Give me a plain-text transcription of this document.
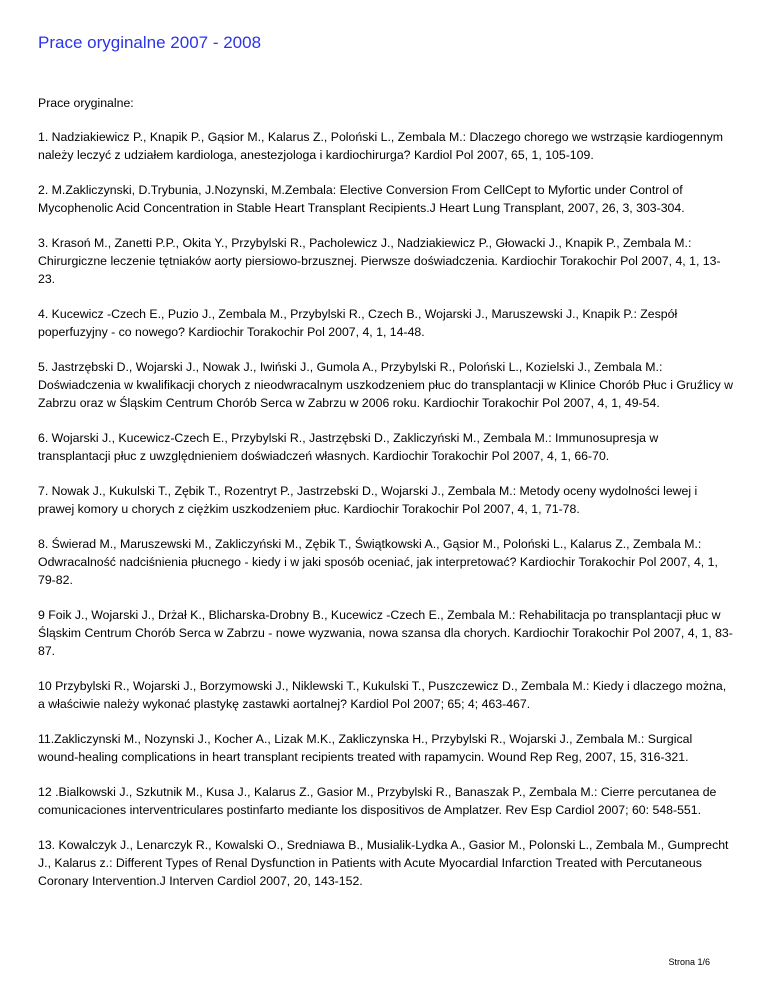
Prace oryginalne 2007 - 2008

Prace oryginalne:

1. Nadziakiewicz P., Knapik P., Gąsior M., Kalarus Z., Poloński L., Zembala M.: Dlaczego chorego we wstrząsie kardiogennym należy leczyć z udziałem kardiologa, anestezjologa i kardiochirurga? Kardiol Pol 2007, 65, 1, 105-109.

2. M.Zakliczynski, D.Trybunia, J.Nozynski, M.Zembala: Elective Conversion From CellCept to Myfortic under Control of Mycophenolic Acid Concentration in Stable Heart Transplant Recipients.J Heart Lung Transplant, 2007, 26, 3, 303-304.

3. Krasoń M., Zanetti P.P., Okita Y., Przybylski R., Pacholewicz J., Nadziakiewicz P., Głowacki J., Knapik P., Zembala M.: Chirurgiczne leczenie tętniaków aorty piersiowo-brzusznej. Pierwsze doświadczenia. Kardiochir Torakochir Pol 2007, 4, 1, 13-23.

4. Kucewicz -Czech E., Puzio J., Zembala M., Przybylski R., Czech B., Wojarski J., Maruszewski J., Knapik P.: Zespół poperfuzyjny - co nowego? Kardiochir Torakochir Pol 2007, 4, 1, 14-48.

5. Jastrzębski D., Wojarski J., Nowak J., Iwiński J., Gumola A., Przybylski R., Poloński L., Kozielski J., Zembala M.: Doświadczenia w kwalifikacji chorych z nieodwracalnym uszkodzeniem płuc do transplantacji w Klinice Chorób Płuc i Gruźlicy w Zabrzu oraz w Śląskim Centrum Chorób Serca w Zabrzu w 2006 roku. Kardiochir Torakochir Pol 2007, 4, 1, 49-54.

6. Wojarski J., Kucewicz-Czech E., Przybylski R., Jastrzębski D., Zakliczyński M., Zembala M.: Immunosupresja w transplantacji płuc z uwzględnieniem doświadczeń własnych. Kardiochir Torakochir Pol 2007, 4, 1, 66-70.

7. Nowak J., Kukulski T., Zębik T., Rozentryt P., Jastrzebski D., Wojarski J., Zembala M.: Metody oceny wydolności lewej i prawej komory u chorych z ciężkim uszkodzeniem płuc. Kardiochir Torakochir Pol 2007, 4, 1, 71-78.

8. Świerad M., Maruszewski M., Zakliczyński M., Zębik T., Świątkowski A., Gąsior M., Poloński L., Kalarus Z., Zembala M.: Odwracalność nadciśnienia płucnego - kiedy i w jaki sposób oceniać, jak interpretować? Kardiochir Torakochir Pol 2007, 4, 1, 79-82.

9 Foik J., Wojarski J., Drżał K., Blicharska-Drobny B., Kucewicz -Czech E., Zembala M.: Rehabilitacja po transplantacji płuc w Śląskim Centrum Chorób Serca w Zabrzu - nowe wyzwania, nowa szansa dla chorych. Kardiochir Torakochir Pol 2007, 4, 1, 83-87.

10 Przybylski R., Wojarski J., Borzymowski J., Niklewski T., Kukulski T., Puszczewicz D., Zembala M.: Kiedy i dlaczego można, a właściwie należy wykonać plastykę zastawki aortalnej? Kardiol Pol 2007; 65; 4; 463-467.

11.Zakliczynski M., Nozynski J., Kocher A., Lizak M.K., Zakliczynska H., Przybylski R., Wojarski J., Zembala M.: Surgical wound-healing complications in heart transplant recipients treated with rapamycin. Wound Rep Reg, 2007, 15, 316-321.

12 .Bialkowski J., Szkutnik M., Kusa J., Kalarus Z., Gasior M., Przybylski R., Banaszak P., Zembala M.: Cierre percutanea de comunicaciones interventriculares postinfarto mediante los dispositivos de Amplatzer. Rev Esp Cardiol 2007; 60: 548-551.

13. Kowalczyk J., Lenarczyk R., Kowalski O., Sredniawa B., Musialik-Lydka A., Gasior M., Polonski L., Zembala M., Gumprecht J., Kalarus z.: Different Types of Renal Dysfunction in Patients with Acute Myocardial Infarction Treated with Percutaneous Coronary Intervention.J Interven Cardiol 2007, 20, 143-152.

Strona 1/6
